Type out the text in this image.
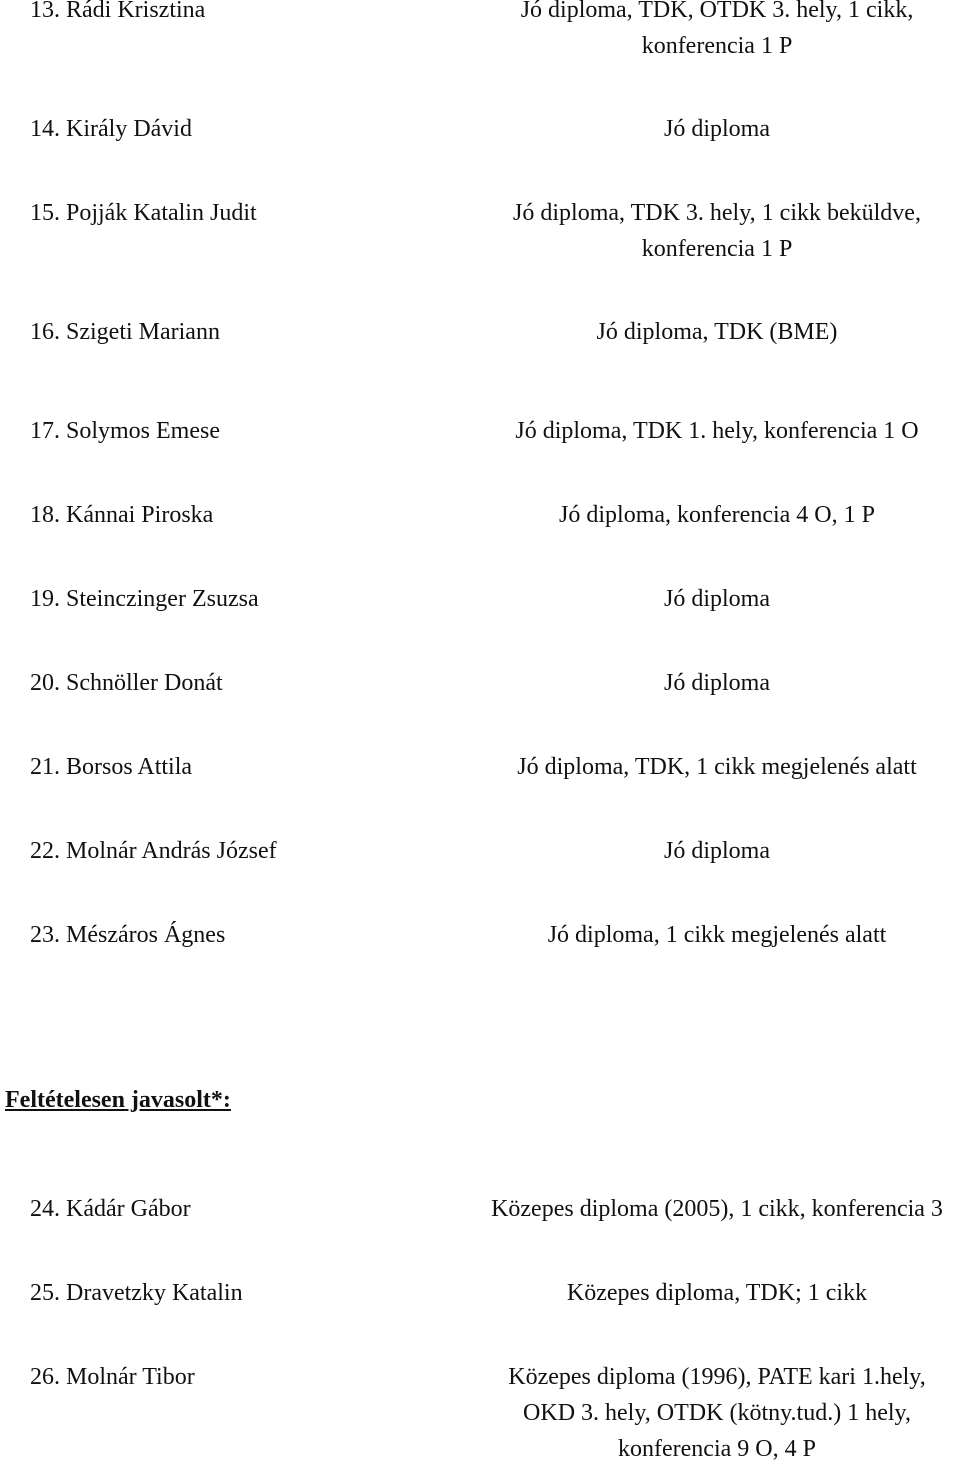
13. Rádi Krisztina	Jó diploma, TDK, OTDK 3. hely, 1 cikk,
konferencia 1 P
14. Király Dávid	Jó diploma
15. Pojják Katalin Judit	Jó diploma, TDK 3. hely, 1 cikk beküldve,
konferencia 1 P
16. Szigeti Mariann	Jó diploma, TDK (BME)
17. Solymos Emese	Jó diploma, TDK 1. hely, konferencia 1 O
18. Kánnai Piroska	Jó diploma, konferencia 4 O, 1 P
19. Steinczinger Zsuzsa	Jó diploma
20. Schnöller Donát	Jó diploma
21. Borsos Attila	Jó diploma, TDK, 1 cikk megjelenés alatt
22. Molnár András József	Jó diploma
23. Mészáros Ágnes	Jó diploma, 1 cikk megjelenés alatt
Feltételesen javasolt*:
24. Kádár Gábor	Közepes diploma (2005), 1 cikk, konferencia 3
25. Dravetzky Katalin	Közepes diploma, TDK; 1 cikk
26. Molnár Tibor	Közepes diploma (1996), PATE kari 1.hely,
OKD 3. hely, OTDK (kötny.tud.) 1 hely,
konferencia 9 O, 4 P
